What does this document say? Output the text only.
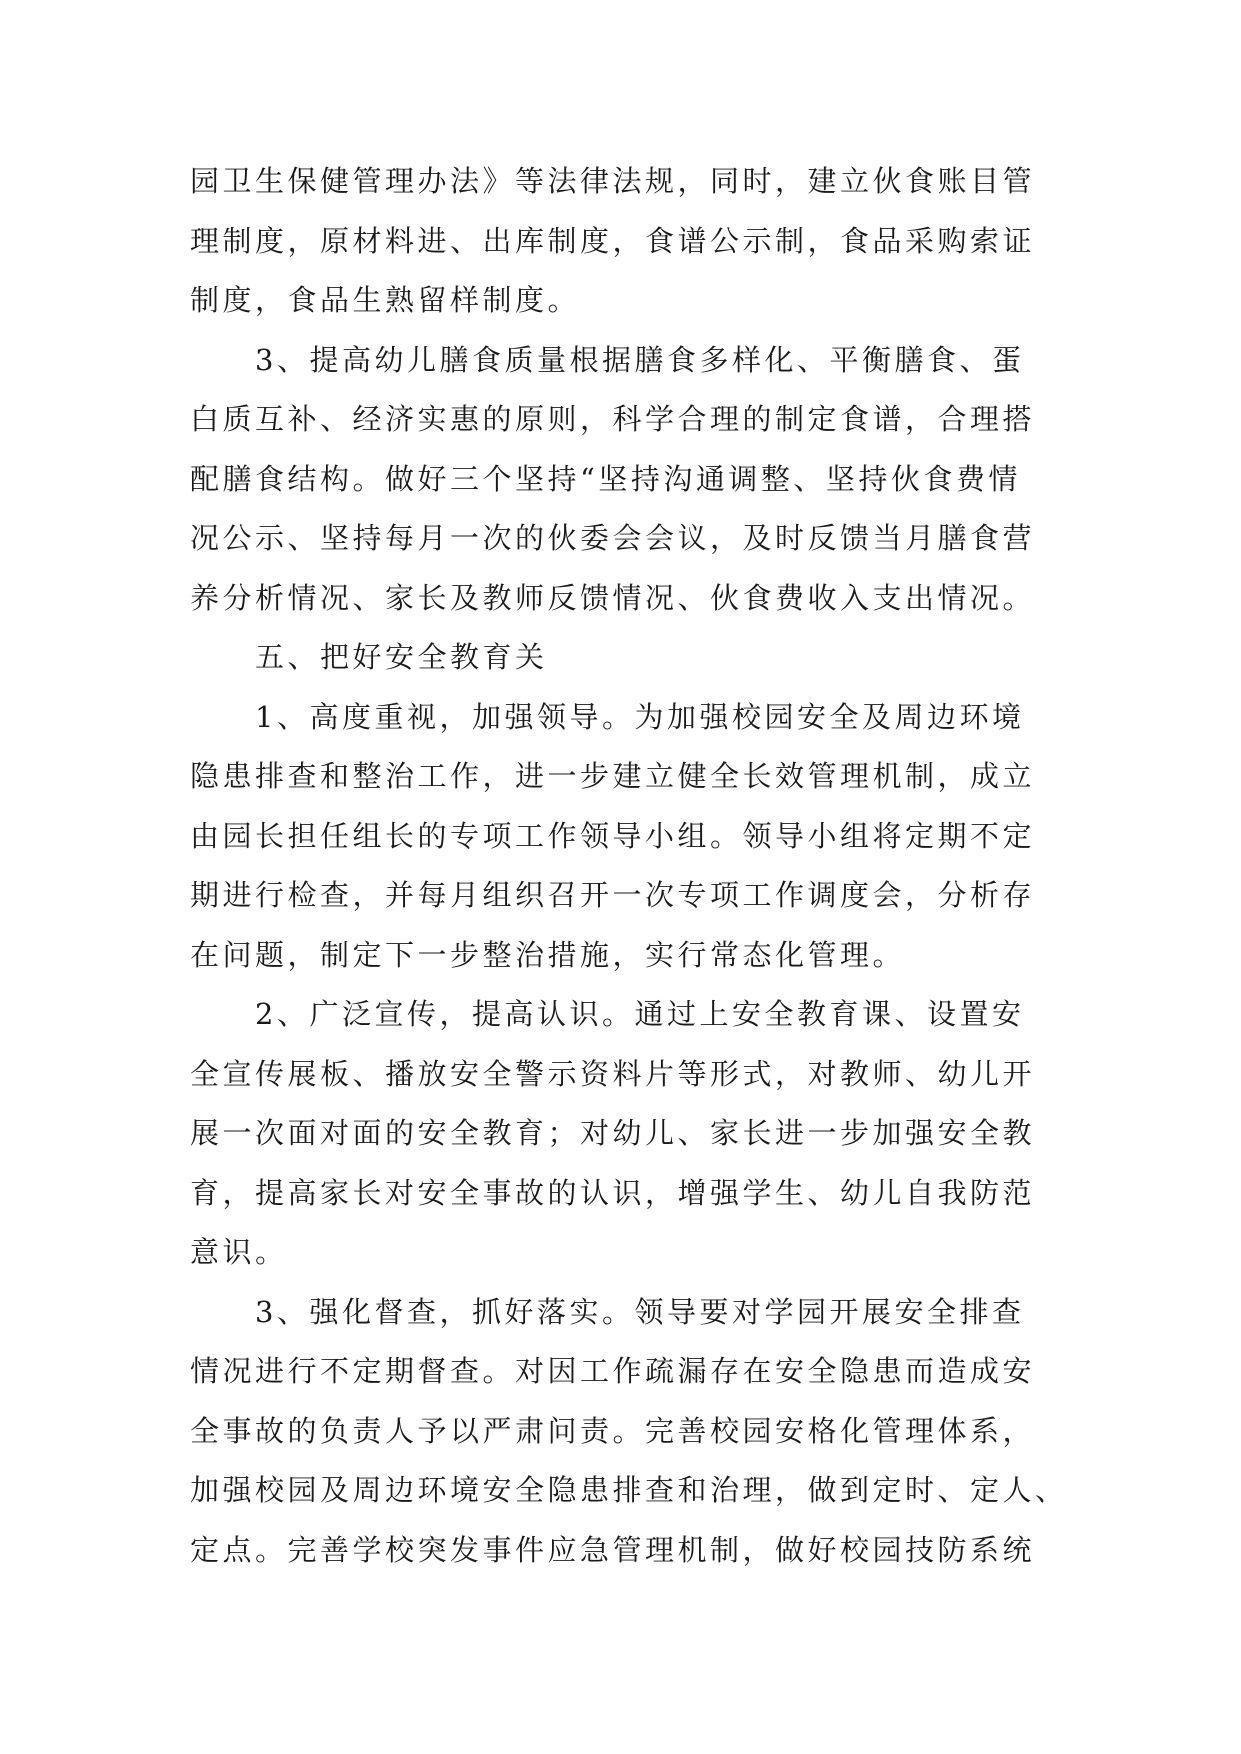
园卫生保健管理办法》等法律法规，同时，建立伙食账目管
理制度，原材料进、出库制度，食谱公示制，食品采购索证
制度，食品生熟留样制度。
　　3、提高幼儿膳食质量根据膳食多样化、平衡膳食、蛋
白质互补、经济实惠的原则，科学合理的制定食谱，合理搭
配膳食结构。做好三个坚持“坚持沟通调整、坚持伙食费情
况公示、坚持每月一次的伙委会会议，及时反馈当月膳食营
养分析情况、家长及教师反馈情况、伙食费收入支出情况。
　　五、把好安全教育关
　　1、高度重视，加强领导。为加强校园安全及周边环境
隐患排查和整治工作，进一步建立健全长效管理机制，成立
由园长担任组长的专项工作领导小组。领导小组将定期不定
期进行检查，并每月组织召开一次专项工作调度会，分析存
在问题，制定下一步整治措施，实行常态化管理。
　　2、广泛宣传，提高认识。通过上安全教育课、设置安
全宣传展板、播放安全警示资料片等形式，对教师、幼儿开
展一次面对面的安全教育；对幼儿、家长进一步加强安全教
育，提高家长对安全事故的认识，增强学生、幼儿自我防范
意识。
　　3、强化督查，抓好落实。领导要对学园开展安全排查
情况进行不定期督查。对因工作疏漏存在安全隐患而造成安
全事故的负责人予以严肃问责。完善校园安格化管理体系，
加强校园及周边环境安全隐患排查和治理，做到定时、定人、
定点。完善学校突发事件应急管理机制，做好校园技防系统
